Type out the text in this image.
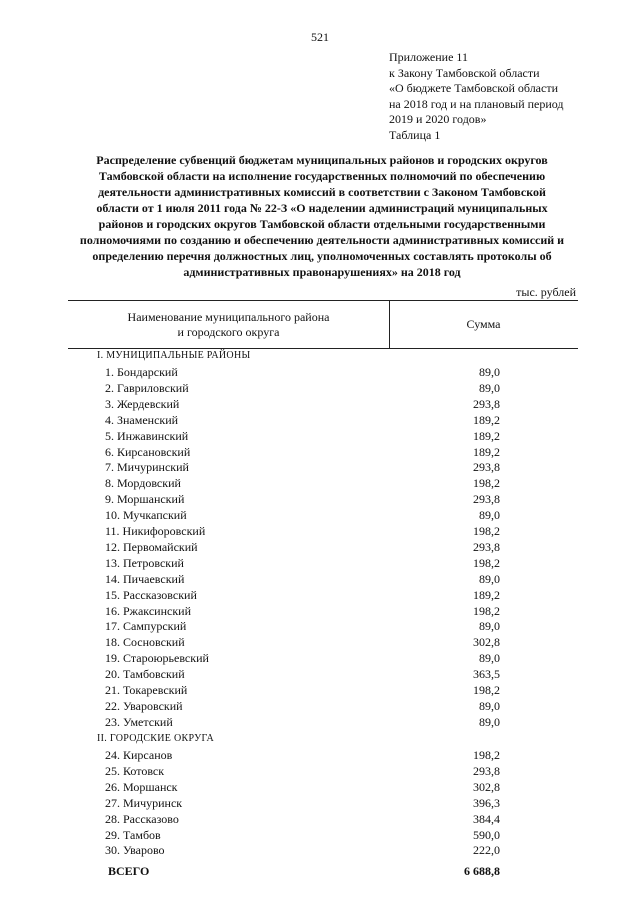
521
Приложение 11
к Закону Тамбовской области
«О бюджете Тамбовской области
на 2018 год и на плановый период
2019 и 2020 годов»
Таблица 1
Распределение субвенций бюджетам муниципальных районов и городских округов
Тамбовской области на исполнение государственных полномочий по обеспечению
деятельности административных комиссий в соответствии с Законом Тамбовской
области от 1 июля 2011 года № 22-З «О наделении администраций муниципальных
районов и городских округов Тамбовской области отдельными государственными
полномочиями по созданию и обеспечению деятельности административных комиссий и
определению перечня должностных лиц, уполномоченных составлять протоколы об
административных правонарушениях» на 2018 год
тыс. рублей
Наименование муниципального района
и городского округа
Сумма
I. МУНИЦИПАЛЬНЫЕ РАЙОНЫ
1. Бондарский	89,0
2. Гавриловский	89,0
3. Жердевский	293,8
4. Знаменский	189,2
5. Инжавинский	189,2
6. Кирсановский	189,2
7. Мичуринский	293,8
8. Мордовский	198,2
9. Моршанский	293,8
10. Мучкапский	89,0
11. Никифоровский	198,2
12. Первомайский	293,8
13. Петровский	198,2
14. Пичаевский	89,0
15. Рассказовский	189,2
16. Ржаксинский	198,2
17. Сампурский	89,0
18. Сосновский	302,8
19. Староюрьевский	89,0
20. Тамбовский	363,5
21. Токаревский	198,2
22. Уваровский	89,0
23. Уметский	89,0
II. ГОРОДСКИЕ ОКРУГА
24. Кирсанов	198,2
25. Котовск	293,8
26. Моршанск	302,8
27. Мичуринск	396,3
28. Рассказово	384,4
29. Тамбов	590,0
30. Уварово	222,0
ВСЕГО	6 688,8
